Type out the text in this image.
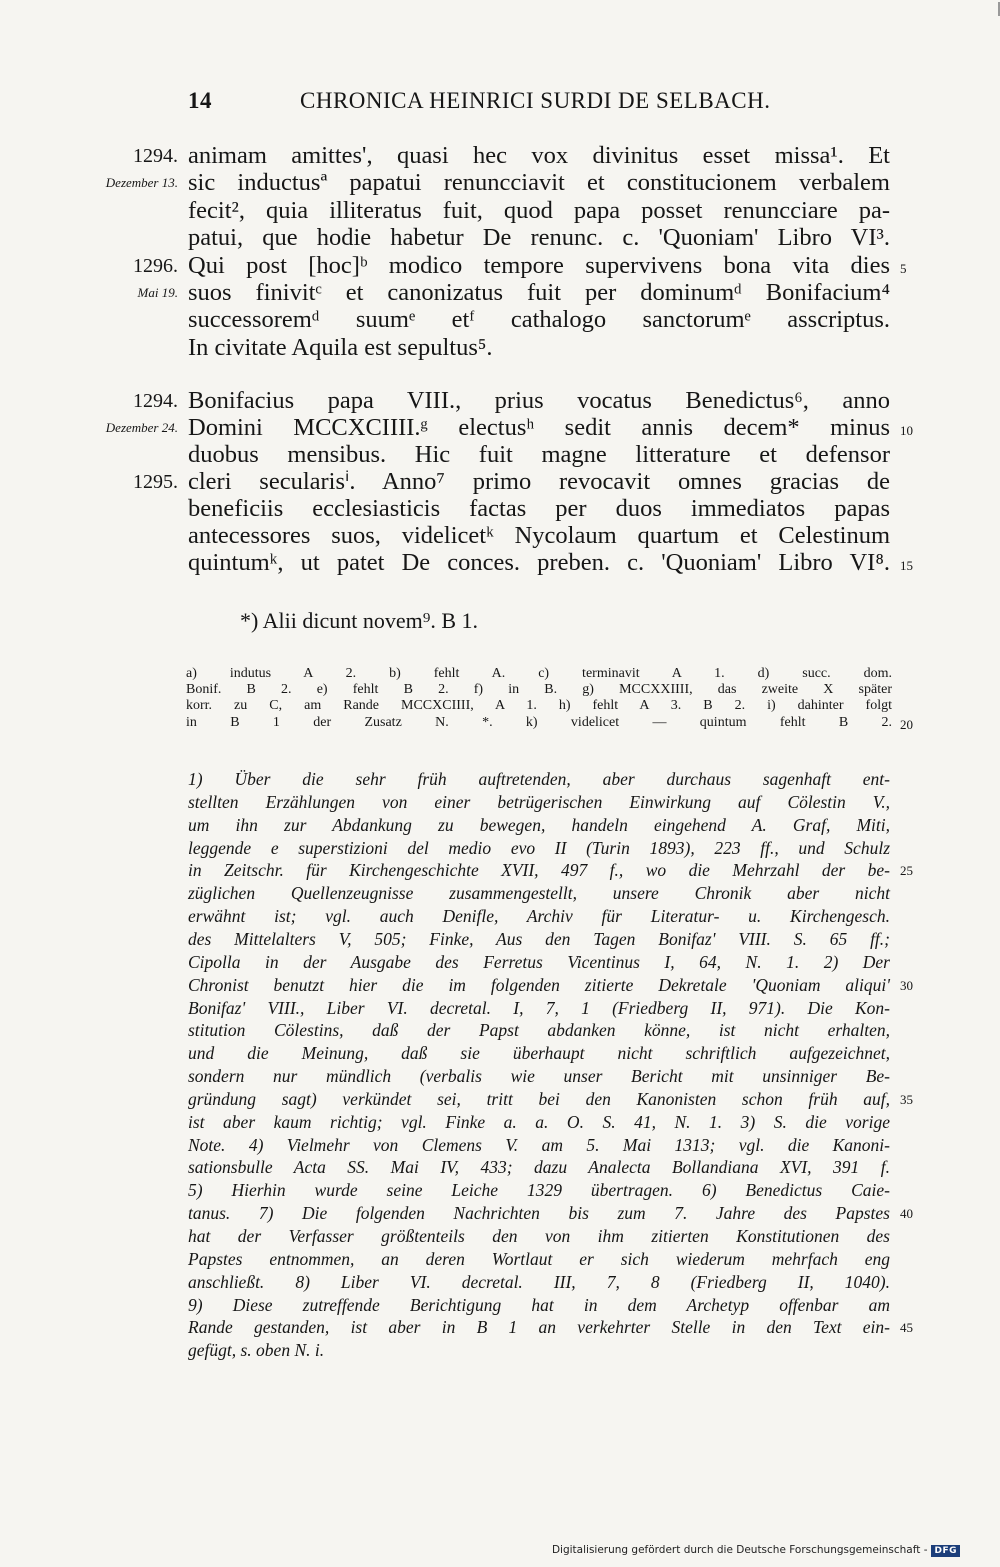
14	CHRONICA HEINRICI SURDI DE SELBACH.
animam amittes', quasi hec vox divinitus esset missa¹. Et
1294.
sic inductusª papatui renuncciavit et constitucionem verbalem
Dezember 13.
fecit², quia illiteratus fuit, quod papa posset renuncciare pa-
patui, que hodie habetur De renunc. c. 'Quoniam' Libro VI³.
Qui post [hoc]ᵇ modico tempore supervivens bona vita dies
1296.	5
suos finivitᶜ et canonizatus fuit per dominumᵈ Bonifacium⁴
Mai 19.
successoremᵈ suumᵉ etᶠ cathalogo sanctorumᵉ asscriptus.
In civitate Aquila est sepultus⁵.
Bonifacius papa VIII., prius vocatus Benedictus⁶, anno
1294.
Domini MCCXCIIII.ᵍ electusʰ sedit annis decem* minus
Dezember 24.	10
duobus mensibus. Hic fuit magne litterature et defensor
cleri secularisⁱ. Anno⁷ primo revocavit omnes gracias de
1295.
beneficiis ecclesiasticis factas per duos immediatos papas
antecessores suos, videlicetᵏ Nycolaum quartum et Celestinum
quintumᵏ, ut patet De conces. preben. c. 'Quoniam' Libro VI⁸. 15
*) Alii dicunt novem⁹. B 1.
a) indutus A 2. b) fehlt A. c) terminavit A 1. d) succ. dom.
Bonif. B 2. e) fehlt B 2. f) in B. g) MCCXXIIII, das zweite X später
korr. zu C, am Rande MCCXCIIII, A 1. h) fehlt A 3. B 2. i) dahinter folgt
in B 1 der Zusatz N. *. k) videlicet — quintum fehlt B 2. 20
1) Über die sehr früh auftretenden, aber durchaus sagenhaft ent-
stellten Erzählungen von einer betrügerischen Einwirkung auf Cölestin V.,
um ihn zur Abdankung zu bewegen, handeln eingehend A. Graf, Miti,
leggende e superstizioni del medio evo II (Turin 1893), 223 ff., und Schulz
in Zeitschr. für Kirchengeschichte XVII, 497 f., wo die Mehrzahl der be- 25
züglichen Quellenzeugnisse zusammengestellt, unsere Chronik aber nicht
erwähnt ist; vgl. auch Denifle, Archiv für Literatur- u. Kirchengesch.
des Mittelalters V, 505; Finke, Aus den Tagen Bonifaz' VIII. S. 65 ff.;
Cipolla in der Ausgabe des Ferretus Vicentinus I, 64, N. 1. 2) Der
Chronist benutzt hier die im folgenden zitierte Dekretale 'Quoniam aliqui' 30
Bonifaz' VIII., Liber VI. decretal. I, 7, 1 (Friedberg II, 971). Die Kon-
stitution Cölestins, daß der Papst abdanken könne, ist nicht erhalten,
und die Meinung, daß sie überhaupt nicht schriftlich aufgezeichnet,
sondern nur mündlich (verbalis wie unser Bericht mit unsinniger Be-
gründung sagt) verkündet sei, tritt bei den Kanonisten schon früh auf, 35
ist aber kaum richtig; vgl. Finke a. a. O. S. 41, N. 1. 3) S. die vorige
Note. 4) Vielmehr von Clemens V. am 5. Mai 1313; vgl. die Kanoni-
sationsbulle Acta SS. Mai IV, 433; dazu Analecta Bollandiana XVI, 391 f.
5) Hierhin wurde seine Leiche 1329 übertragen. 6) Benedictus Caie-
tanus. 7) Die folgenden Nachrichten bis zum 7. Jahre des Papstes 40
hat der Verfasser größtenteils den von ihm zitierten Konstitutionen des
Papstes entnommen, an deren Wortlaut er sich wiederum mehrfach eng
anschließt. 8) Liber VI. decretal. III, 7, 8 (Friedberg II, 1040).
9) Diese zutreffende Berichtigung hat in dem Archetyp offenbar am
Rande gestanden, ist aber in B 1 an verkehrter Stelle in den Text ein- 45
gefügt, s. oben N. i.
Digitalisierung gefördert durch die Deutsche Forschungsgemeinschaft - DFG
